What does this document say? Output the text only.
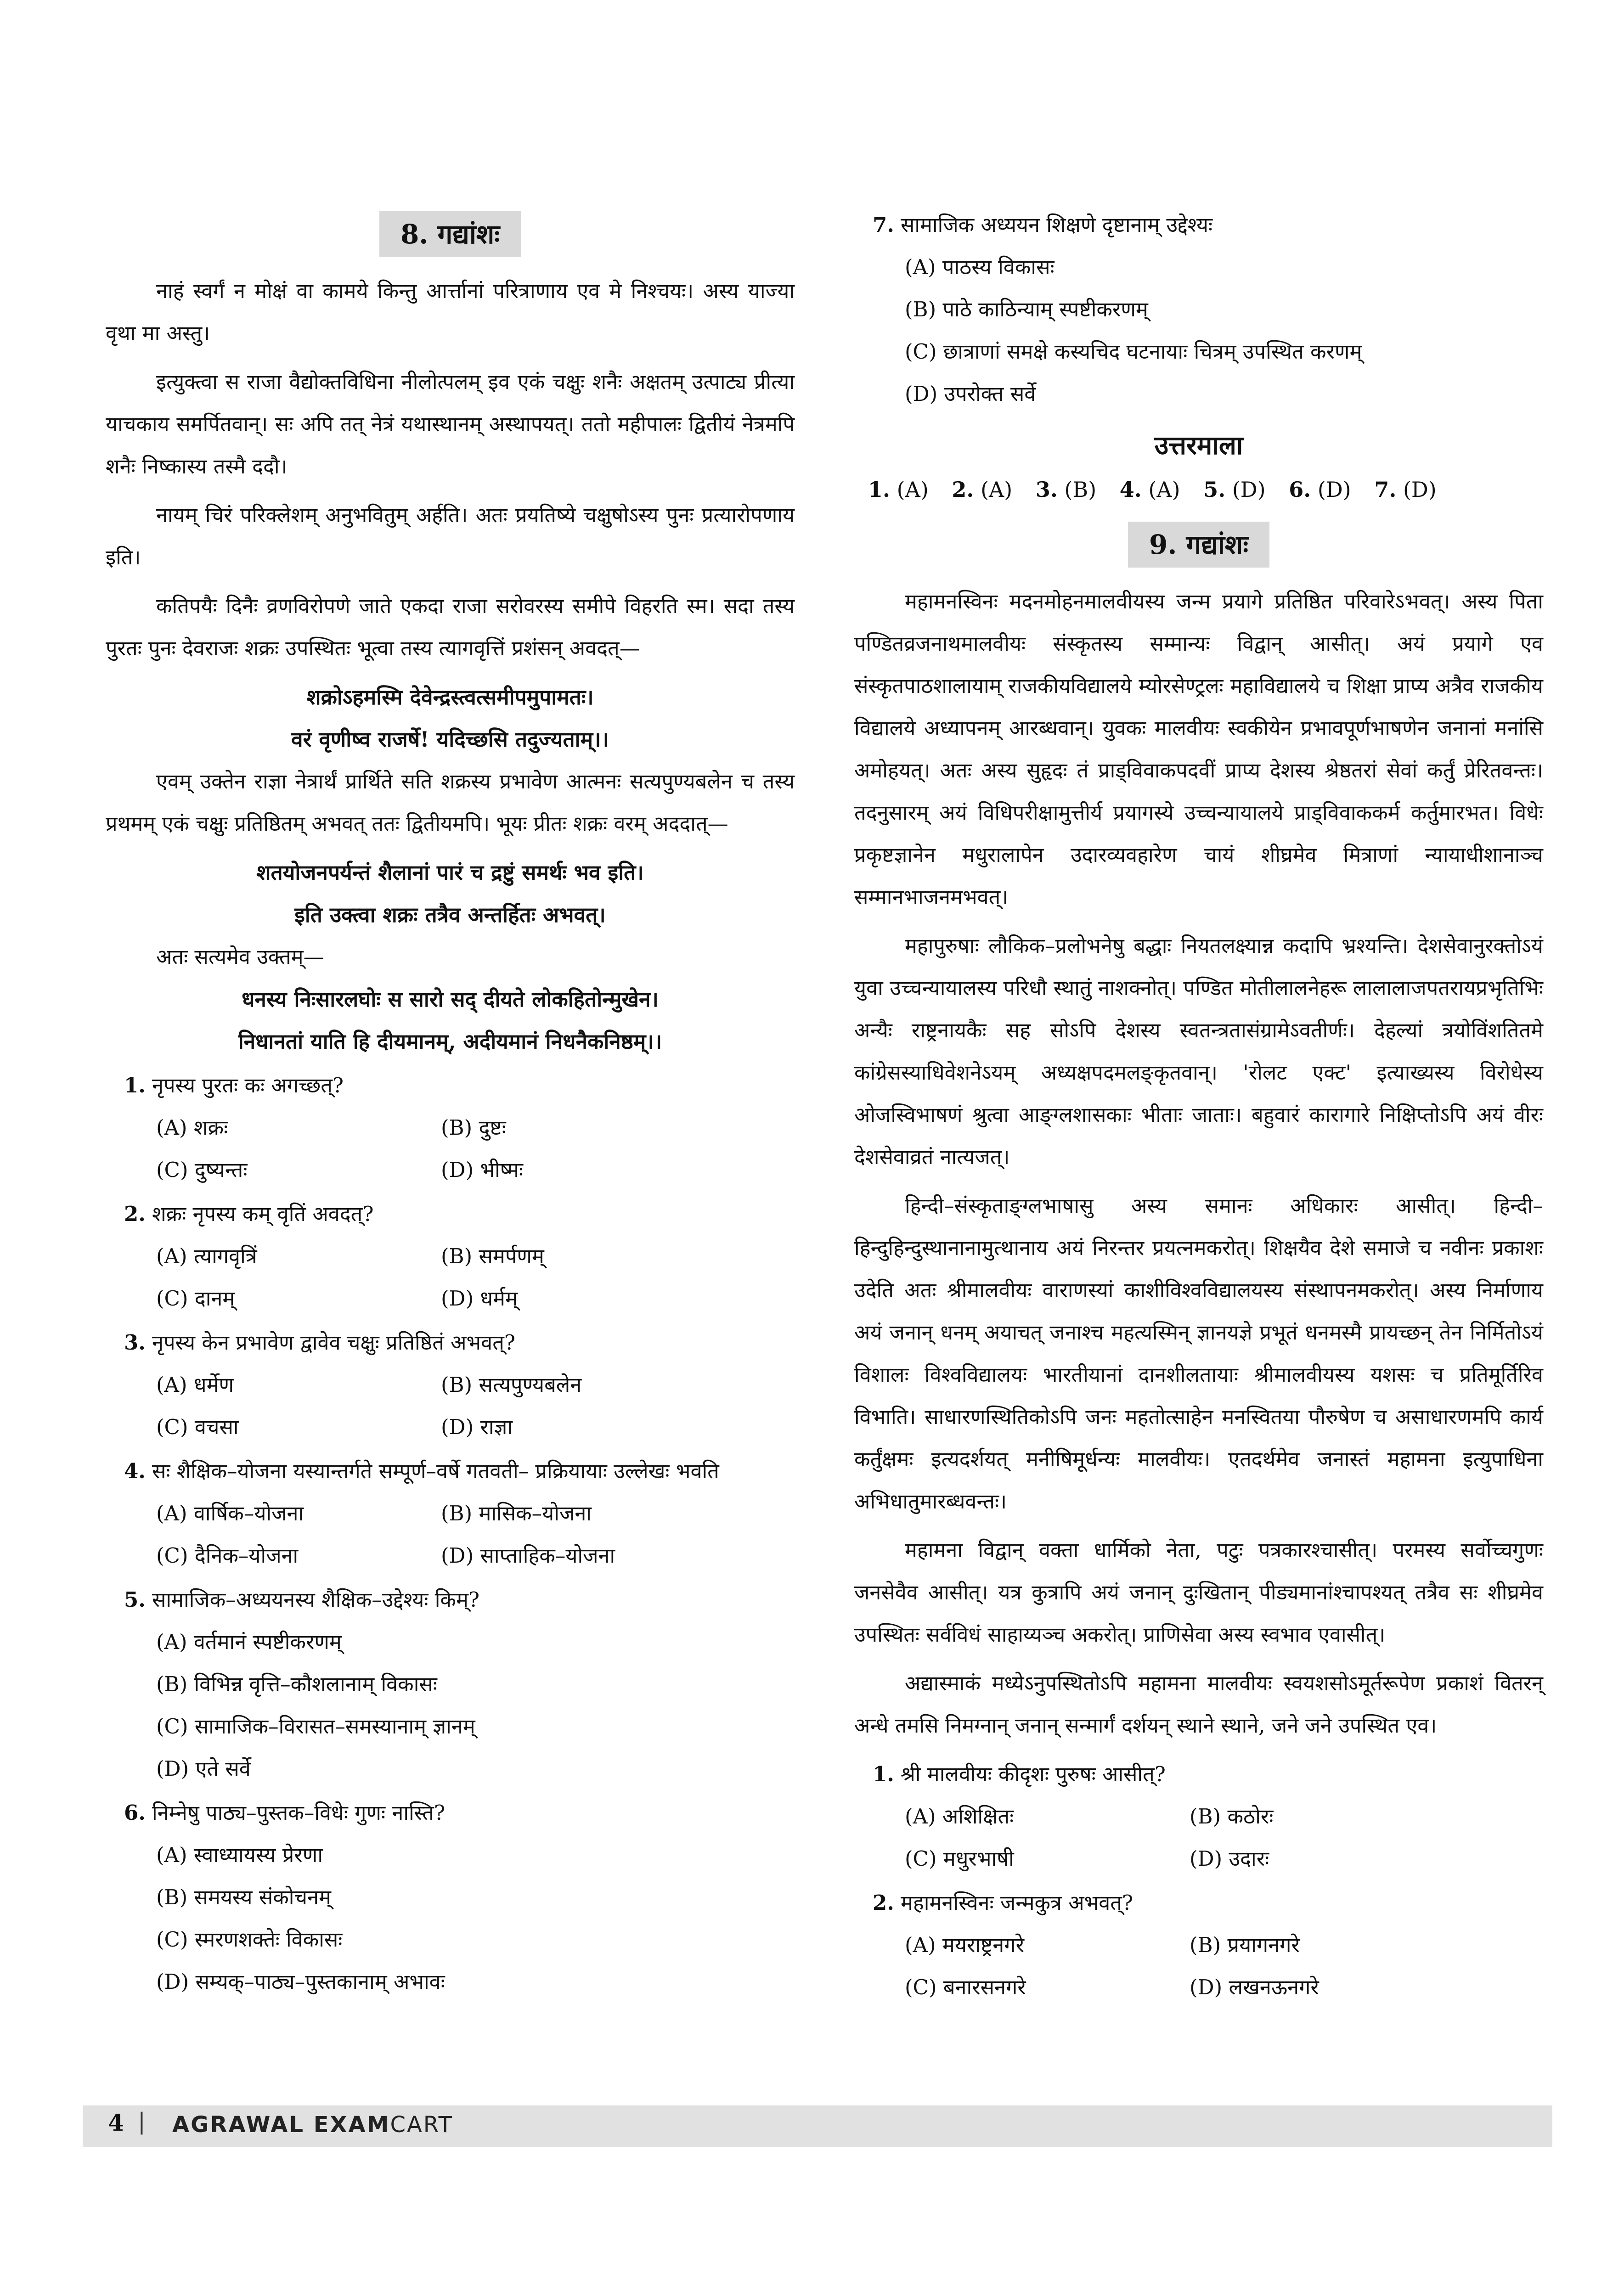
8. गद्यांशः

नाहं स्वर्गं न मोक्षं वा कामये किन्तु आर्त्तानां परित्राणाय एव मे निश्चयः। अस्य याज्या वृथा मा अस्तु।

इत्युक्त्वा स राजा वैद्योक्तविधिना नीलोत्पलम् इव एकं चक्षुः शनैः अक्षतम् उत्पाट्य प्रीत्या याचकाय समर्पितवान्। सः अपि तत् नेत्रं यथास्थानम् अस्थापयत्। ततो महीपालः द्वितीयं नेत्रमपि शनैः निष्कास्य तस्मै ददौ।

नायम् चिरं परिक्लेशम् अनुभवितुम् अर्हति। अतः प्रयतिष्ये चक्षुषोऽस्य पुनः प्रत्यारोपणाय इति।

कतिपयैः दिनैः व्रणविरोपणे जाते एकदा राजा सरोवरस्य समीपे विहरति स्म। सदा तस्य पुरतः पुनः देवराजः शक्रः उपस्थितः भूत्वा तस्य त्यागवृत्तिं प्रशंसन् अवदत्—

शक्रोऽहमस्मि देवेन्द्रस्त्वत्समीपमुपामतः।

वरं वृणीष्व राजर्षे! यदिच्छसि तदुज्यताम्।।

एवम् उक्तेन राज्ञा नेत्रार्थं प्रार्थिते सति शक्रस्य प्रभावेण आत्मनः सत्यपुण्यबलेन च तस्य प्रथमम् एकं चक्षुः प्रतिष्ठितम् अभवत् ततः द्वितीयमपि। भूयः प्रीतः शक्रः वरम् अददात्—

शतयोजनपर्यन्तं शैलानां पारं च द्रष्टुं समर्थः भव इति।

इति उक्त्वा शक्रः तत्रैव अन्तर्हितः अभवत्।

अतः सत्यमेव उक्तम्—

धनस्य निःसारलघोः स सारो सद् दीयते लोकहितोन्मुखेन।

निधानतां याति हि दीयमानम्, अदीयमानं निधनैकनिष्ठम्।।

1. नृपस्य पुरतः कः अगच्छत्?
(A) शक्रः	(B) दुष्टः
(C) दुष्यन्तः	(D) भीष्मः
2. शक्रः नृपस्य कम् वृतिं अवदत्?
(A) त्यागवृत्रिं	(B) समर्पणम्
(C) दानम्	(D) धर्मम्
3. नृपस्य केन प्रभावेण द्वावेव चक्षुः प्रतिष्ठितं अभवत्?
(A) धर्मेण	(B) सत्यपुण्यबलेन
(C) वचसा	(D) राज्ञा
4. सः शैक्षिक–योजना यस्यान्तर्गते सम्पूर्ण–वर्षे गतवती– प्रक्रियायाः उल्लेखः भवति
(A) वार्षिक–योजना	(B) मासिक–योजना
(C) दैनिक–योजना	(D) साप्ताहिक–योजना
5. सामाजिक–अध्ययनस्य शैक्षिक–उद्देश्यः किम्?
(A) वर्तमानं स्पष्टीकरणम्
(B) विभिन्न वृत्ति–कौशलानाम् विकासः
(C) सामाजिक–विरासत–समस्यानाम् ज्ञानम्
(D) एते सर्वे
6. निम्नेषु पाठ्य–पुस्तक–विधेः गुणः नास्ति?
(A) स्वाध्यायस्य प्रेरणा
(B) समयस्य संकोचनम्
(C) स्मरणशक्तेः विकासः
(D) सम्यक्–पाठ्य–पुस्तकानाम् अभावः
7. सामाजिक अध्ययन शिक्षणे दृष्टानाम् उद्देश्यः
(A) पाठस्य विकासः
(B) पाठे काठिन्याम् स्पष्टीकरणम्
(C) छात्राणां समक्षे कस्यचिद घटनायाः चित्रम् उपस्थित करणम्
(D) उपरोक्त सर्वे
उत्तरमाला
1. (A) 2. (A) 3. (B) 4. (A) 5. (D) 6. (D) 7. (D)
9. गद्यांशः

महामनस्विनः मदनमोहनमालवीयस्य जन्म प्रयागे प्रतिष्ठित परिवारेऽभवत्। अस्य पिता पण्डितव्रजनाथमालवीयः संस्कृतस्य सम्मान्यः विद्वान् आसीत्। अयं प्रयागे एव संस्कृतपाठशालायाम् राजकीयविद्यालये म्योरसेण्ट्रलः महाविद्यालये च शिक्षा प्राप्य अत्रैव राजकीय विद्यालये अध्यापनम् आरब्धवान्। युवकः मालवीयः स्वकीयेन प्रभावपूर्णभाषणेन जनानां मनांसि अमोहयत्। अतः अस्य सुहृदः तं प्राड्विवाकपदवीं प्राप्य देशस्य श्रेष्ठतरां सेवां कर्तुं प्रेरितवन्तः। तदनुसारम् अयं विधिपरीक्षामुत्तीर्य प्रयागस्ये उच्चन्यायालये प्राड्विवाककर्म कर्तुमारभत। विधेः प्रकृष्टज्ञानेन मधुरालापेन उदारव्यवहारेण चायं शीघ्रमेव मित्राणां न्यायाधीशानाञ्च सम्मानभाजनमभवत्।

महापुरुषाः लौकिक–प्रलोभनेषु बद्धाः नियतलक्ष्यान्न कदापि भ्रश्यन्ति। देशसेवानुरक्तोऽयं युवा उच्चन्यायालस्य परिधौ स्थातुं नाशक्नोत्। पण्डित मोतीलालनेहरू लालालाजपतरायप्रभृतिभिः अन्यैः राष्ट्रनायकैः सह सोऽपि देशस्य स्वतन्त्रतासंग्रामेऽवतीर्णः। देहल्यां त्रयोविंशतितमे कांग्रेसस्याधिवेशनेऽयम् अध्यक्षपदमलङ्कृतवान्। 'रोलट एक्ट' इत्याख्यस्य विरोधेस्य ओजस्विभाषणं श्रुत्वा आङ्ग्लशासकाः भीताः जाताः। बहुवारं कारागारे निक्षिप्तोऽपि अयं वीरः देशसेवाव्रतं नात्यजत्।

हिन्दी–संस्कृताङ्ग्लभाषासु अस्य समानः अधिकारः आसीत्। हिन्दी–हिन्दुहिन्दुस्थानानामुत्थानाय अयं निरन्तर प्रयत्नमकरोत्। शिक्षयैव देशे समाजे च नवीनः प्रकाशः उदेति अतः श्रीमालवीयः वाराणस्यां काशीविश्वविद्यालयस्य संस्थापनमकरोत्। अस्य निर्माणाय अयं जनान् धनम् अयाचत् जनाश्च महत्यस्मिन् ज्ञानयज्ञे प्रभूतं धनमस्मै प्रायच्छन् तेन निर्मितोऽयं विशालः विश्वविद्यालयः भारतीयानां दानशीलतायाः श्रीमालवीयस्य यशसः च प्रतिमूर्तिरिव विभाति। साधारणस्थितिकोऽपि जनः महतोत्साहेन मनस्वितया पौरुषेण च असाधारणमपि कार्य कर्तुंक्षमः इत्यदर्शयत् मनीषिमूर्धन्यः मालवीयः। एतदर्थमेव जनास्तं महामना इत्युपाधिना अभिधातुमारब्धवन्तः।

महामना विद्वान् वक्ता धार्मिको नेता, पटुः पत्रकारश्चासीत्। परमस्य सर्वोच्चगुणः जनसेवैव आसीत्। यत्र कुत्रापि अयं जनान् दुःखितान् पीड्यमानांश्चापश्यत् तत्रैव सः शीघ्रमेव उपस्थितः सर्वविधं साहाय्यञ्च अकरोत्। प्राणिसेवा अस्य स्वभाव एवासीत्।

अद्यास्माकं मध्येऽनुपस्थितोऽपि महामना मालवीयः स्वयशसोऽमूर्तरूपेण प्रकाशं वितरन् अन्धे तमसि निमग्नान् जनान् सन्मार्गं दर्शयन् स्थाने स्थाने, जने जने उपस्थित एव।

1. श्री मालवीयः कीदृशः पुरुषः आसीत्?
(A) अशिक्षितः	(B) कठोरः
(C) मधुरभाषी	(D) उदारः
2. महामनस्विनः जन्मकुत्र अभवत्?
(A) मयराष्ट्रनगरे	(B) प्रयागनगरे
(C) बनारसनगरे	(D) लखनऊनगरे
4 | AGRAWAL EXAMCART
